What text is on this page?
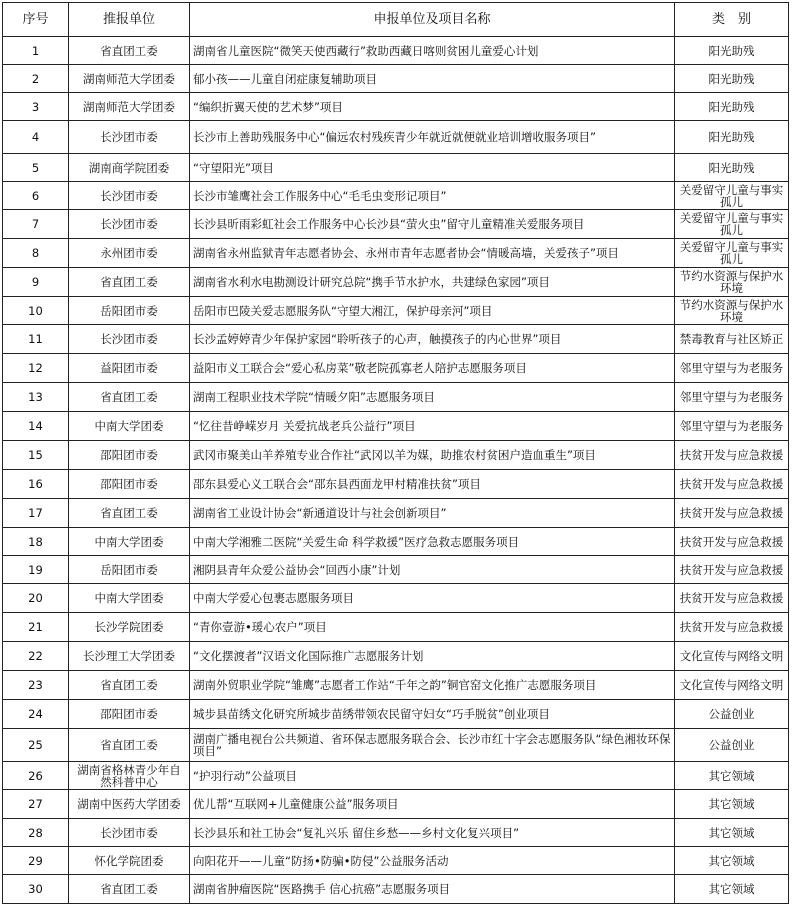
序号	推报单位	申报单位及项目名称	类　别
1	省直团工委	湖南省儿童医院“微笑天使西藏行”救助西藏日喀则贫困儿童爱心计划	阳光助残
2	湖南师范大学团委	郁小孩——儿童自闭症康复辅助项目	阳光助残
3	湖南师范大学团委	“编织折翼天使的艺术梦”项目	阳光助残
4	长沙团市委	长沙市上善助残服务中心“偏远农村残疾青少年就近就便就业培训增收服务项目”	阳光助残
5	湖南商学院团委	“守望阳光”项目	阳光助残
6	长沙团市委	长沙市雏鹰社会工作服务中心“毛毛虫变形记项目”	关爱留守儿童与事实孤儿
7	长沙团市委	长沙县昕雨彩虹社会工作服务中心长沙县“萤火虫”留守儿童精准关爱服务项目	关爱留守儿童与事实孤儿
8	永州团市委	湖南省永州监狱青年志愿者协会、永州市青年志愿者协会“情暖高墙，关爱孩子”项目	关爱留守儿童与事实孤儿
9	省直团工委	湖南省水利水电勘测设计研究总院“携手节水护水，共建绿色家园”项目	节约水资源与保护水环境
10	岳阳团市委	岳阳市巴陵关爱志愿服务队“守望大湘江，保护母亲河”项目	节约水资源与保护水环境
11	长沙团市委	长沙孟婷婷青少年保护家园“聆听孩子的心声，触摸孩子的内心世界”项目	禁毒教育与社区矫正
12	益阳团市委	益阳市义工联合会“爱心私房菜”敬老院孤寡老人陪护志愿服务项目	邻里守望与为老服务
13	省直团工委	湖南工程职业技术学院“情暖夕阳”志愿服务项目	邻里守望与为老服务
14	中南大学团委	“忆往昔峥嵘岁月 关爱抗战老兵公益行”项目	邻里守望与为老服务
15	邵阳团市委	武冈市聚美山羊养殖专业合作社“武冈以羊为媒，助推农村贫困户造血重生”项目	扶贫开发与应急救援
16	邵阳团市委	邵东县爱心义工联合会“邵东县西面龙甲村精准扶贫”项目	扶贫开发与应急救援
17	省直团工委	湖南省工业设计协会“新通道设计与社会创新项目”	扶贫开发与应急救援
18	中南大学团委	中南大学湘雅二医院“关爱生命 科学救援”医疗急救志愿服务项目	扶贫开发与应急救援
19	岳阳团市委	湘阴县青年众爱公益协会“回西小康”计划	扶贫开发与应急救援
20	中南大学团委	中南大学爱心包裹志愿服务项目	扶贫开发与应急救援
21	长沙学院团委	“青你壹游•瑗心农户”项目	扶贫开发与应急救援
22	长沙理工大学团委	“文化摆渡者”汉语文化国际推广志愿服务计划	文化宣传与网络文明
23	省直团工委	湖南外贸职业学院“雏鹰”志愿者工作站“千年之韵”铜官窑文化推广志愿服务项目	文化宣传与网络文明
24	邵阳团市委	城步县苗绣文化研究所城步苗绣带领农民留守妇女“巧手脱贫”创业项目	公益创业
25	省直团工委	湖南广播电视台公共频道、省环保志愿服务联合会、长沙市红十字会志愿服务队“绿色湘妆环保项目”	公益创业
26	湖南省格林青少年自然科普中心	“护羽行动”公益项目	其它领域
27	湖南中医药大学团委	优儿帮“互联网+儿童健康公益”服务项目	其它领域
28	长沙团市委	长沙县乐和社工协会“复礼兴乐 留住乡愁——乡村文化复兴项目”	其它领域
29	怀化学院团委	向阳花开——儿童“防扬•防骗•防侵”公益服务活动	其它领域
30	省直团工委	湖南省肿瘤医院“医路携手 信心抗癌”志愿服务项目	其它领域
